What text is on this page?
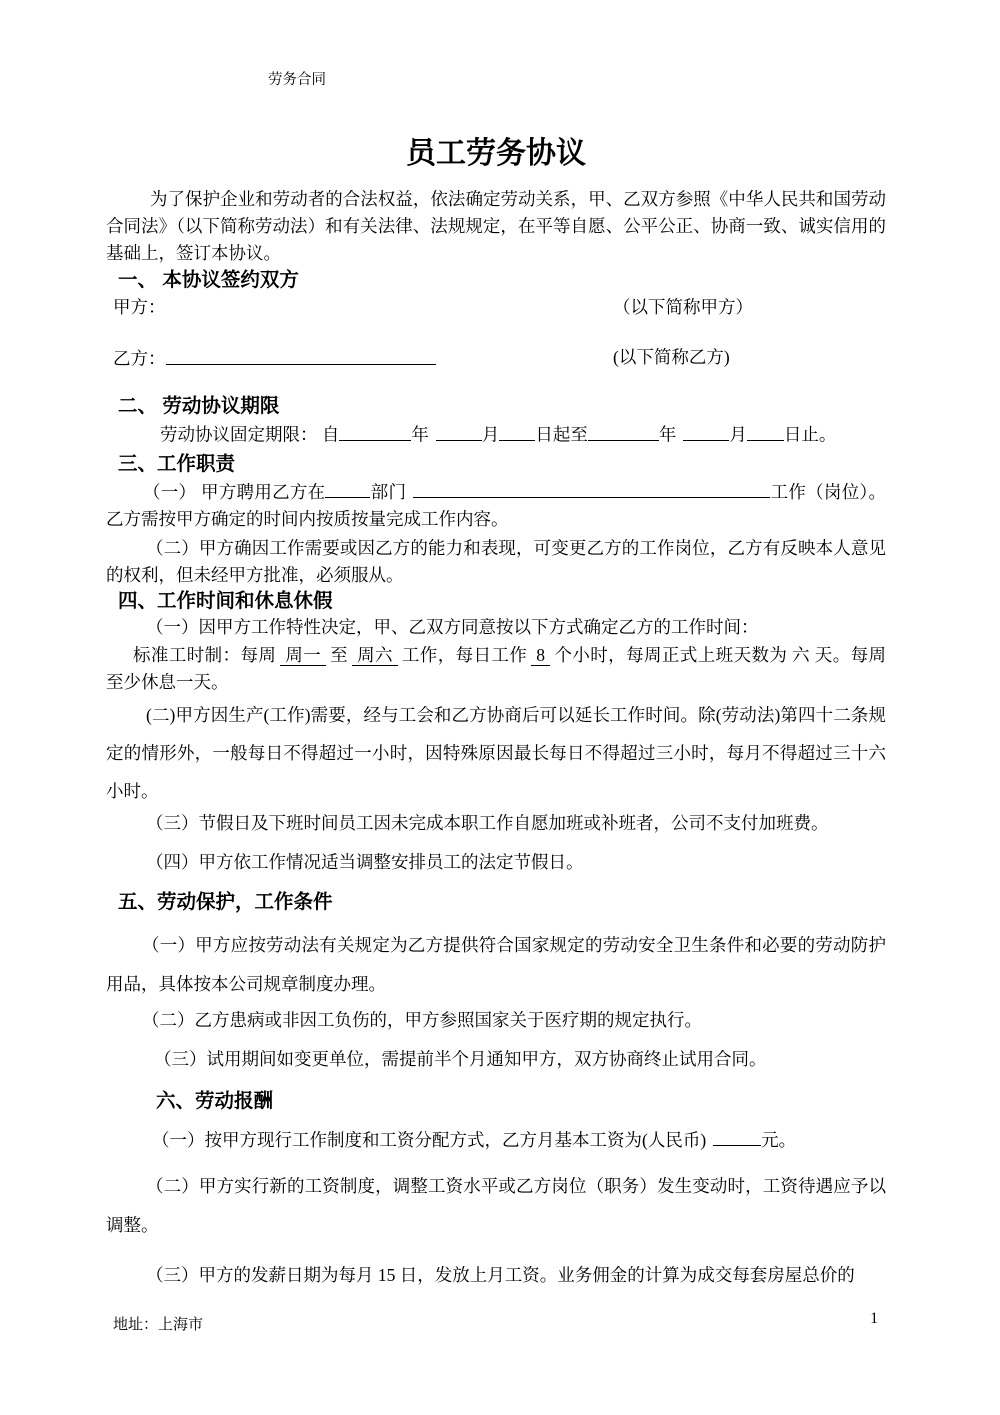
劳务合同
员工劳务协议

为了保护企业和劳动者的合法权益，依法确定劳动关系，甲、乙双方参照《中华人民共和国劳动合同法》（以下简称劳动法）和有关法律、法规规定，在平等自愿、公平公正、协商一致、诚实信用的基础上，签订本协议。

一、 本协议签约双方
甲方：	（以下简称甲方）
乙方：	(以下简称乙方)
二、 劳动协议期限

劳动协议固定期限： 自	年	月 日起至	年	月 日止。

三、工作职责

（一） 甲方聘用乙方在	部门	工作（岗位）。乙方需按甲方确定的时间内按质按量完成工作内容。

（二）甲方确因工作需要或因乙方的能力和表现，可变更乙方的工作岗位，乙方有反映本人意见的权利，但未经甲方批准，必须服从。

四、工作时间和休息休假

（一）因甲方工作特性决定，甲、乙双方同意按以下方式确定乙方的工作时间：

标准工时制：每周 周一 至 周六 工作，每日工作 8 个小时，每周正式上班天数为 六 天。每周至少休息一天。

(二)甲方因生产(工作)需要，经与工会和乙方协商后可以延长工作时间。除(劳动法)第四十二条规定的情形外，一般每日不得超过一小时，因特殊原因最长每日不得超过三小时，每月不得超过三十六小时。

（三）节假日及下班时间员工因未完成本职工作自愿加班或补班者，公司不支付加班费。

（四）甲方依工作情况适当调整安排员工的法定节假日。

五、劳动保护，工作条件

（一）甲方应按劳动法有关规定为乙方提供符合国家规定的劳动安全卫生条件和必要的劳动防护用品，具体按本公司规章制度办理。

（二）乙方患病或非因工负伤的，甲方参照国家关于医疗期的规定执行。

（三）试用期间如变更单位，需提前半个月通知甲方，双方协商终止试用合同。

六、劳动报酬

（一）按甲方现行工作制度和工资分配方式，乙方月基本工资为(人民币)	元。

（二）甲方实行新的工资制度，调整工资水平或乙方岗位（职务）发生变动时，工资待遇应予以调整。

（三）甲方的发薪日期为每月 15 日，发放上月工资。业务佣金的计算为成交每套房屋总价的

地址：上海市	1
